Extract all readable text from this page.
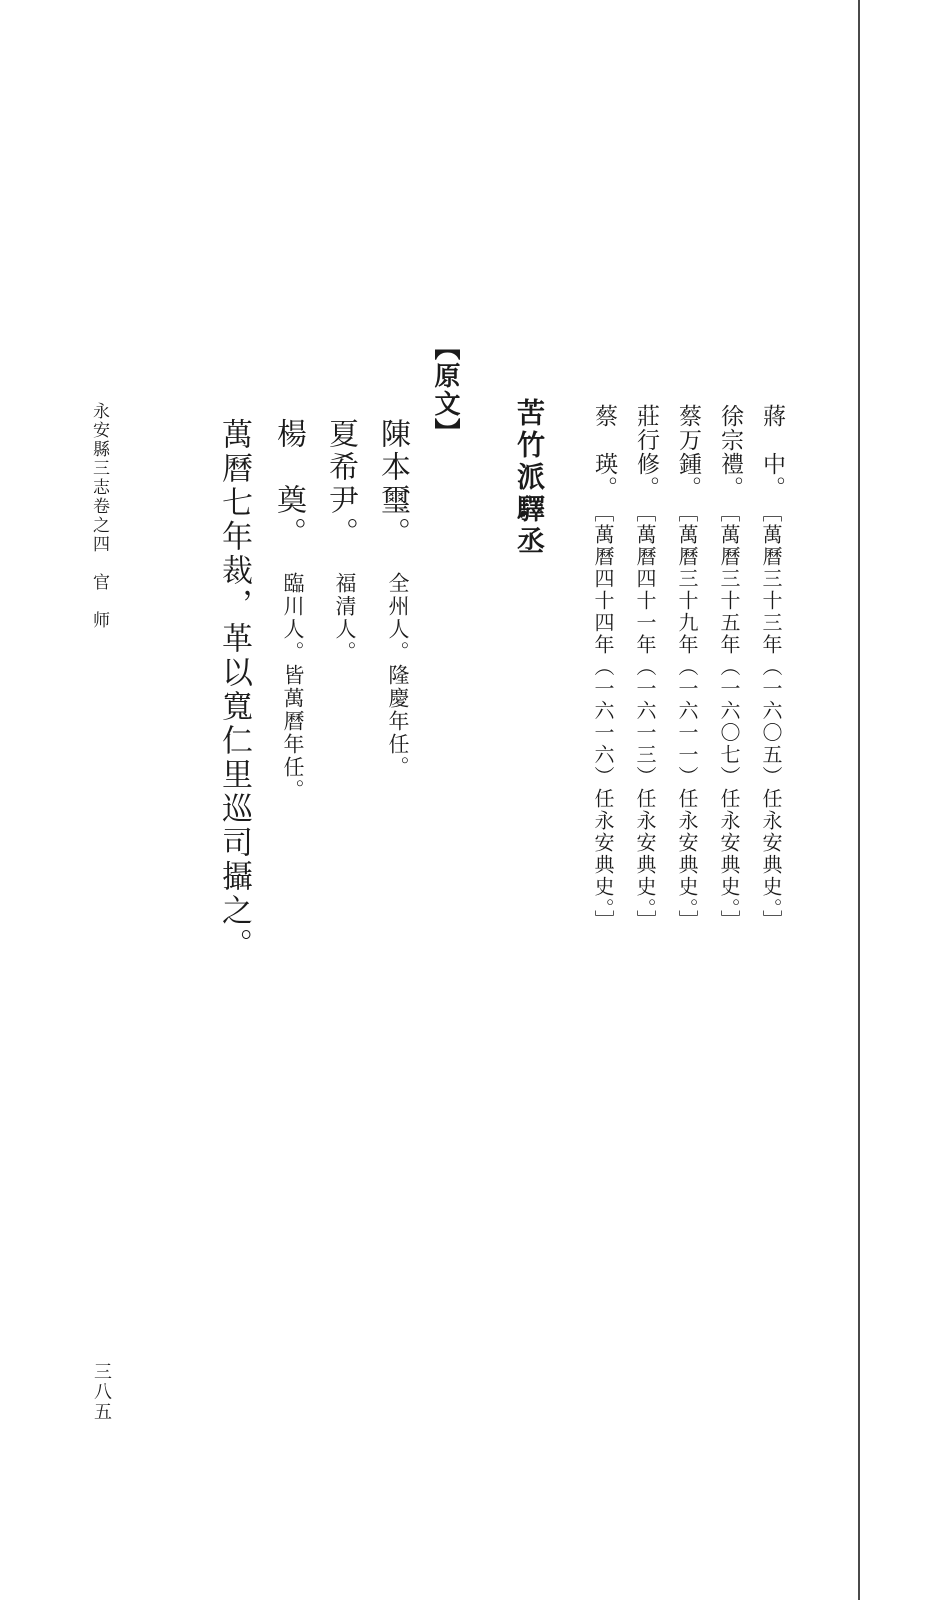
蔣　中。
［萬曆三十三年（一六〇五）任永安典史。］
徐宗禮。
［萬曆三十五年（一六〇七）任永安典史。］
蔡万鍾。
［萬曆三十九年（一六一一）任永安典史。］
莊行修。
［萬曆四十一年（一六一三）任永安典史。］
蔡　瑛。
［萬曆四十四年（一六一六）任永安典史。］
苦竹派驛丞
【原文】
陳本璽。
全州人。隆慶年任。
夏希尹。
福清人。
楊　奠。
臨川人。皆萬曆年任。
萬曆七年裁，革以寬仁里巡司攝之。
永安縣三志卷之四　官　师
三八五
